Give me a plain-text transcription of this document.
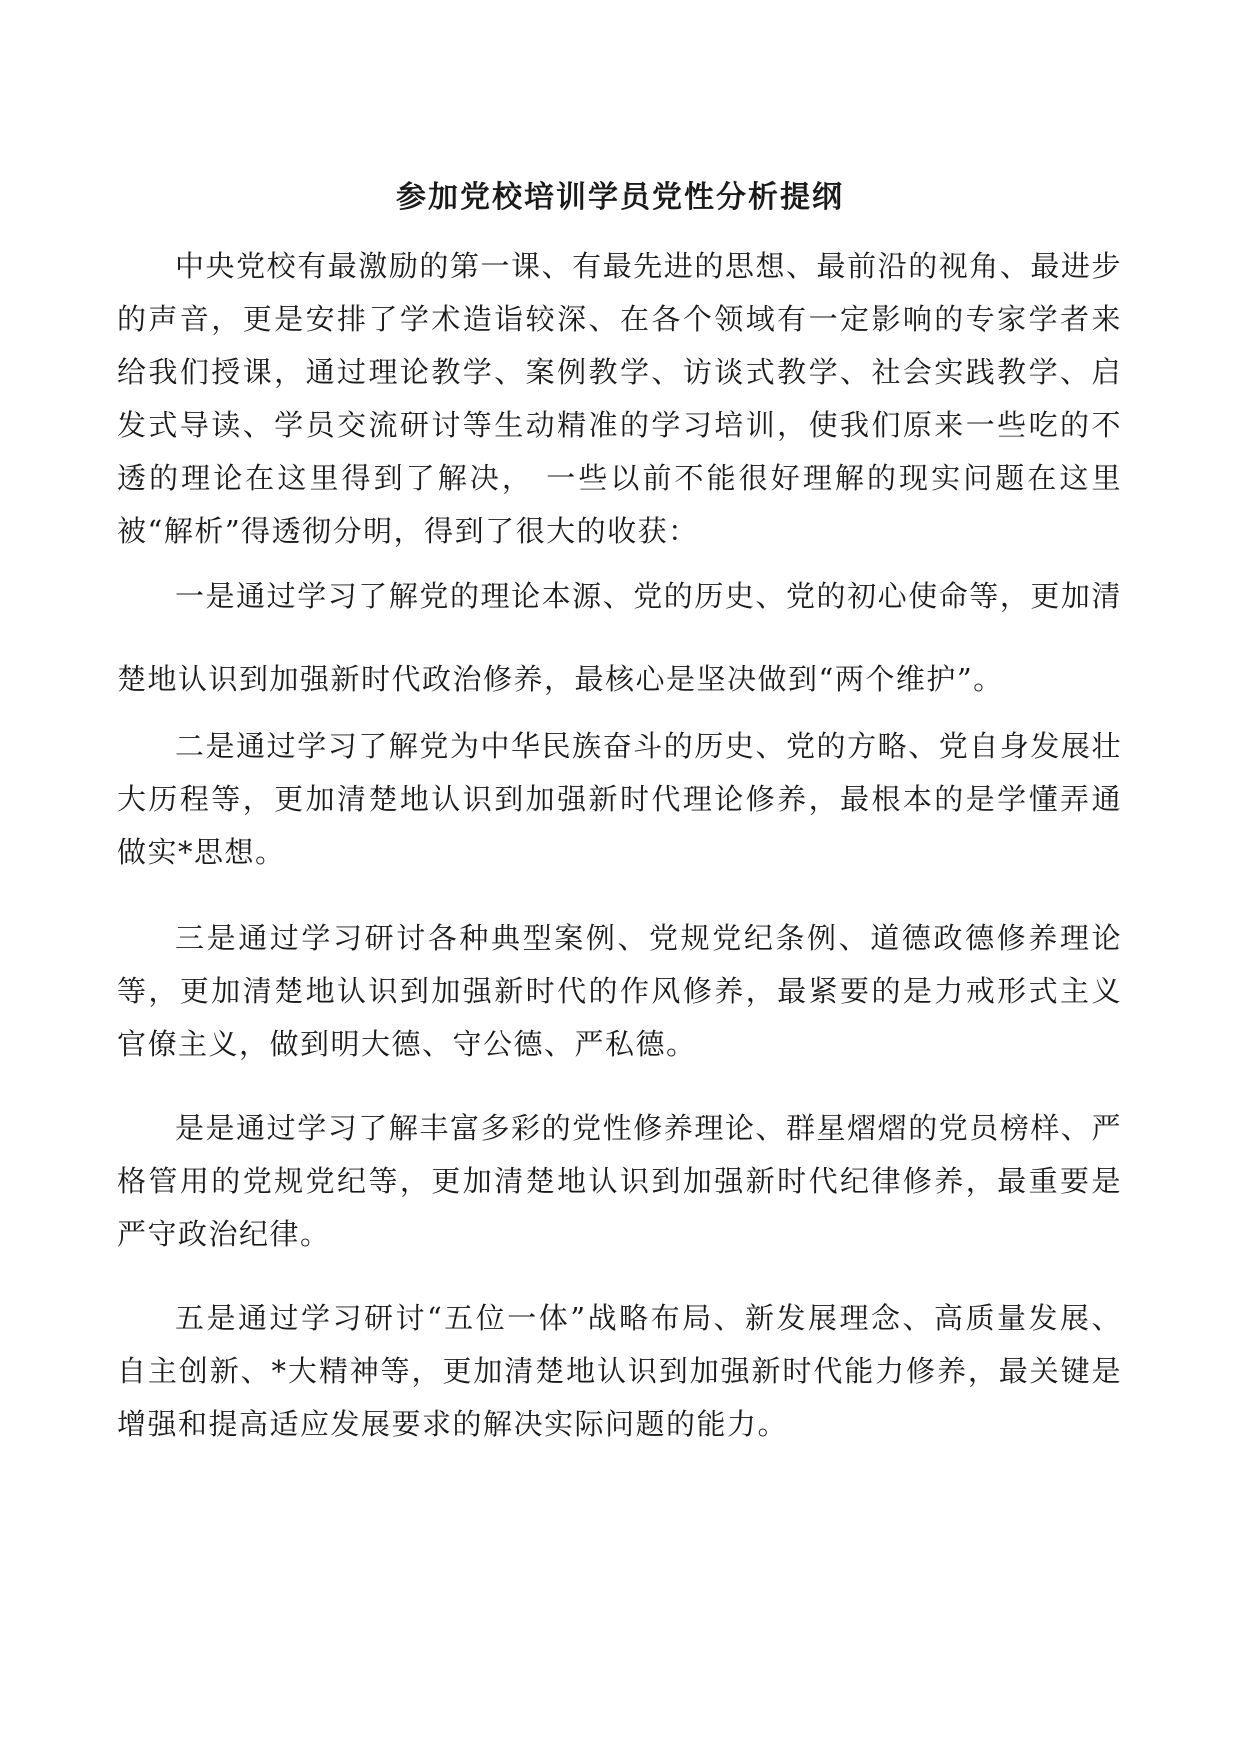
参加党校培训学员党性分析提纲

中央党校有最激励的第一课、有最先进的思想、最前沿的视角、最进步的声音，更是安排了学术造诣较深、在各个领域有一定影响的专家学者来给我们授课，通过理论教学、案例教学、访谈式教学、社会实践教学、启发式导读、学员交流研讨等生动精准的学习培训，使我们原来一些吃的不透的理论在这里得到了解决， 一些以前不能很好理解的现实问题在这里被“解析”得透彻分明，得到了很大的收获：

一是通过学习了解党的理论本源、党的历史、党的初心使命等，更加清楚地认识到加强新时代政治修养，最核心是坚决做到“两个维护”。

二是通过学习了解党为中华民族奋斗的历史、党的方略、党自身发展壮大历程等，更加清楚地认识到加强新时代理论修养，最根本的是学懂弄通做实*思想。

三是通过学习研讨各种典型案例、党规党纪条例、道德政德修养理论等，更加清楚地认识到加强新时代的作风修养，最紧要的是力戒形式主义官僚主义，做到明大德、守公德、严私德。

是是通过学习了解丰富多彩的党性修养理论、群星熠熠的党员榜样、严格管用的党规党纪等，更加清楚地认识到加强新时代纪律修养，最重要是严守政治纪律。

五是通过学习研讨“五位一体”战略布局、新发展理念、高质量发展、 自主创新、*大精神等，更加清楚地认识到加强新时代能力修养，最关键是增强和提高适应发展要求的解决实际问题的能力。
